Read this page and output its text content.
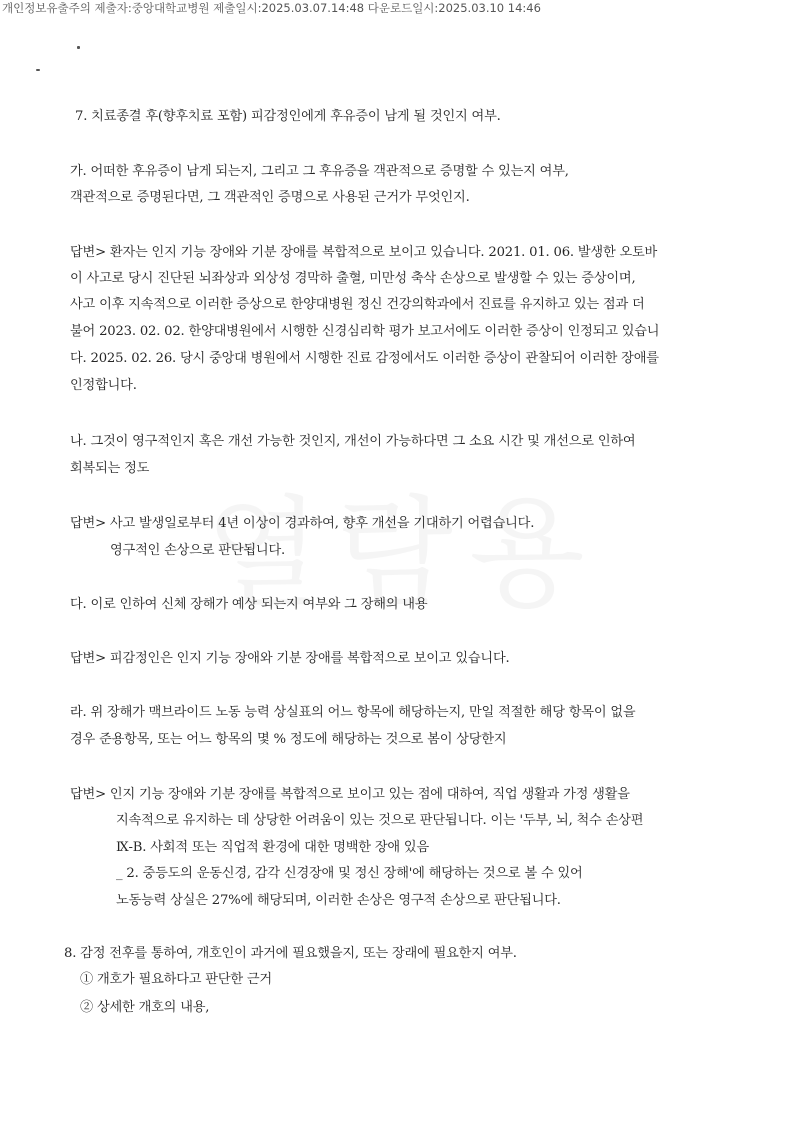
개인정보유출주의 제출자:중앙대학교병원 제출일시:2025.03.07.14:48 다운로드일시:2025.03.10 14:46
7. 치료종결 후(향후치료 포함) 피감정인에게 후유증이 남게 될 것인지 여부.
가. 어떠한 후유증이 남게 되는지, 그리고 그 후유증을 객관적으로 증명할 수 있는지 여부,
객관적으로 증명된다면, 그 객관적인 증명으로 사용된 근거가 무엇인지.
답변> 환자는 인지 기능 장애와 기분 장애를 복합적으로 보이고 있습니다. 2021. 01. 06. 발생한 오토바
이 사고로 당시 진단된 뇌좌상과 외상성 경막하 출혈, 미만성 축삭 손상으로 발생할 수 있는 증상이며,
사고 이후 지속적으로 이러한 증상으로 한양대병원 정신 건강의학과에서 진료를 유지하고 있는 점과 더
불어 2023. 02. 02. 한양대병원에서 시행한 신경심리학 평가 보고서에도 이러한 증상이 인정되고 있습니
다. 2025. 02. 26. 당시 중앙대 병원에서 시행한 진료 감정에서도 이러한 증상이 관찰되어 이러한 장애를
인정합니다.
나. 그것이 영구적인지 혹은 개선 가능한 것인지, 개선이 가능하다면 그 소요 시간 및 개선으로 인하여
회복되는 정도
답변> 사고 발생일로부터 4년 이상이 경과하여, 향후 개선을 기대하기 어렵습니다.
영구적인 손상으로 판단됩니다.
다. 이로 인하여 신체 장해가 예상 되는지 여부와 그 장해의 내용
답변> 피감정인은 인지 기능 장애와 기분 장애를 복합적으로 보이고 있습니다.
라. 위 장해가 맥브라이드 노동 능력 상실표의 어느 항목에 해당하는지, 만일 적절한 해당 항목이 없을
경우 준용항목, 또는 어느 항목의 몇 % 정도에 해당하는 것으로 봄이 상당한지
답변> 인지 기능 장애와 기분 장애를 복합적으로 보이고 있는 점에 대하여, 직업 생활과 가정 생활을
지속적으로 유지하는 데 상당한 어려움이 있는 것으로 판단됩니다. 이는 '두부, 뇌, 척수 손상편
Ⅸ-B. 사회적 또는 직업적 환경에 대한 명백한 장애 있음
_ 2. 중등도의 운동신경, 감각 신경장애 및 정신 장해'에 해당하는 것으로 볼 수 있어
노동능력 상실은 27%에 해당되며, 이러한 손상은 영구적 손상으로 판단됩니다.
8. 감정 전후를 통하여, 개호인이 과거에 필요했을지, 또는 장래에 필요한지 여부.
① 개호가 필요하다고 판단한 근거
② 상세한 개호의 내용,
